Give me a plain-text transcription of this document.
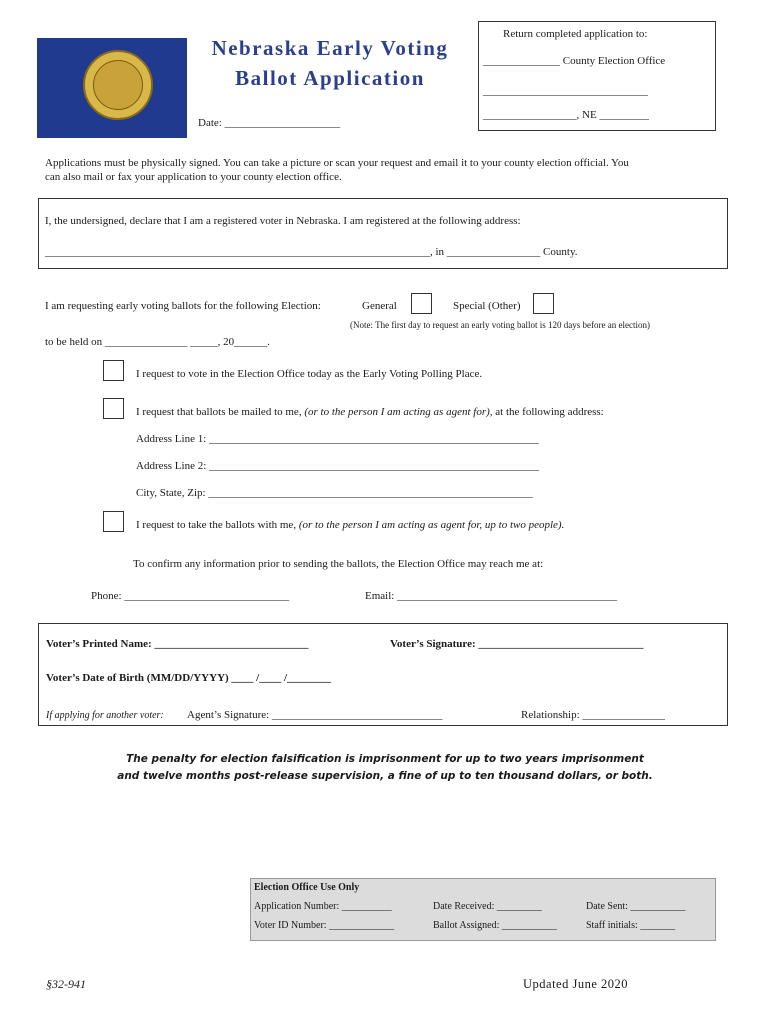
Nebraska Early Voting
Ballot Application
Date: _____________________
Return completed application to:
______________ County Election Office
______________________________
_________________, NE _________
Applications must be physically signed. You can take a picture or scan your request and email it to your county election official. You
can also mail or fax your application to your county election office.
I, the undersigned, declare that I am a registered voter in Nebraska. I am registered at the following address:
______________________________________________________________________, in _________________ County.
I am requesting early voting ballots for the following Election:	General	Special (Other)
(Note: The first day to request an early voting ballot is 120 days before an election)
to be held on _______________ _____, 20______.
I request to vote in the Election Office today as the Early Voting Polling Place.
I request that ballots be mailed to me, (or to the person I am acting as agent for), at the following address:
Address Line 1: ____________________________________________________________
Address Line 2: ____________________________________________________________
City, State, Zip: ___________________________________________________________
I request to take the ballots with me, (or to the person I am acting as agent for, up to two people).
To confirm any information prior to sending the ballots, the Election Office may reach me at:
Phone: ______________________________	Email: ________________________________________
Voter’s Printed Name: ____________________________	Voter’s Signature: ______________________________
Voter’s Date of Birth (MM/DD/YYYY) ____ /____ /________
If applying for another voter: Agent’s Signature: _______________________________	Relationship: _______________
The penalty for election falsification is imprisonment for up to two years imprisonment
and twelve months post-release supervision, a fine of up to ten thousand dollars, or both.
Election Office Use Only
Application Number: __________	Date Received: _________	Date Sent: ___________
Voter ID Number: _____________	Ballot Assigned: ___________	Staff initials: _______
§32-941	Updated June 2020
